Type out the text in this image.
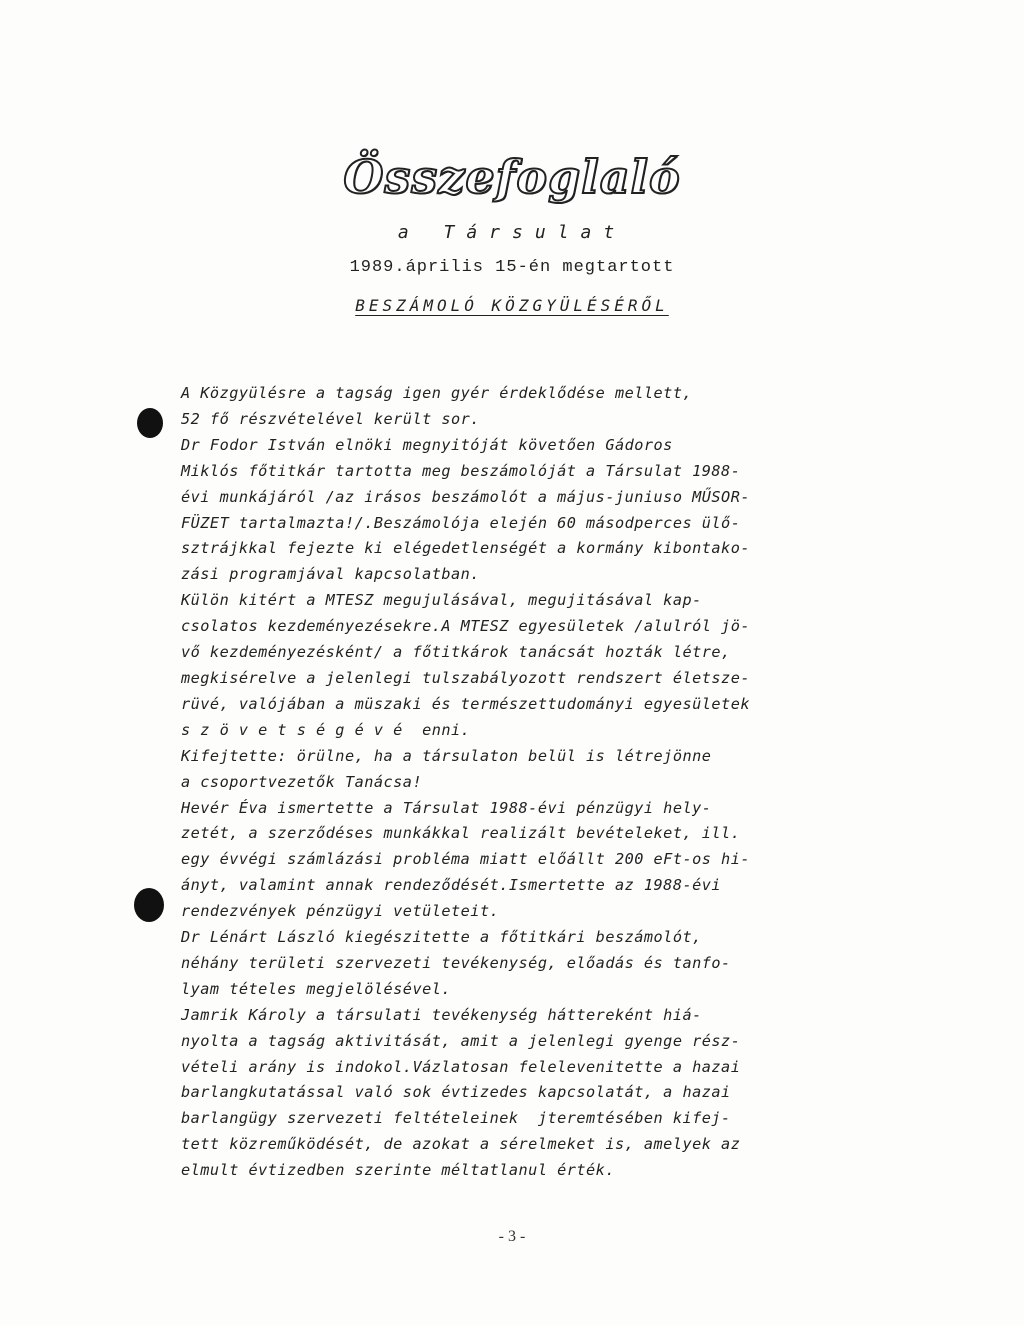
Összefoglaló
a Társulat
1989.április 15-én megtartott
BESZÁMOLÓ KÖZGYÜLÉSÉRŐL

A Közgyülésre a tagság igen gyér érdeklődése mellett,
52 fő részvételével került sor.

Dr Fodor István elnöki megnyitóját követően Gádoros
Miklós főtitkár tartotta meg beszámolóját a Társulat 1988-
évi munkájáról /az irásos beszámolót a május-juniuso MŰSOR-
FÜZET tartalmazta!/.Beszámolója elején 60 másodperces ülő-
sztrájkkal fejezte ki elégedetlenségét a kormány kibontako-
zási programjával kapcsolatban.

Külön kitért a MTESZ megujulásával, megujitásával kap-
csolatos kezdeményezésekre.A MTESZ egyesületek /alulról jö-
vő kezdeményezésként/ a főtitkárok tanácsát hozták létre,
megkisérelve a jelenlegi tulszabályozott rendszert életsze-
rüvé, valójában a müszaki és természettudományi egyesületek
s z ö v e t s é g é v é  enni.

Kifejtette: örülne, ha a társulaton belül is létrejönne
a csoportvezetők Tanácsa!

Hevér Éva ismertette a Társulat 1988-évi pénzügyi hely-
zetét, a szerződéses munkákkal realizált bevételeket, ill.
egy évvégi számlázási probléma miatt előállt 200 eFt-os hi-
ányt, valamint annak rendeződését.Ismertette az 1988-évi
rendezvények pénzügyi vetületeit.

Dr Lénárt László kiegészitette a főtitkári beszámolót,
néhány területi szervezeti tevékenység, előadás és tanfo-
lyam tételes megjelölésével.

Jamrik Károly a társulati tevékenység háttereként hiá-
nyolta a tagság aktivitását, amit a jelenlegi gyenge rész-
vételi arány is indokol.Vázlatosan felelevenitette a hazai
barlangkutatással való sok évtizedes kapcsolatát, a hazai
barlangügy szervezeti feltételeinek  jteremtésében kifej-
tett közreműködését, de azokat a sérelmeket is, amelyek az
elmult évtizedben szerinte méltatlanul érték.

- 3 -
